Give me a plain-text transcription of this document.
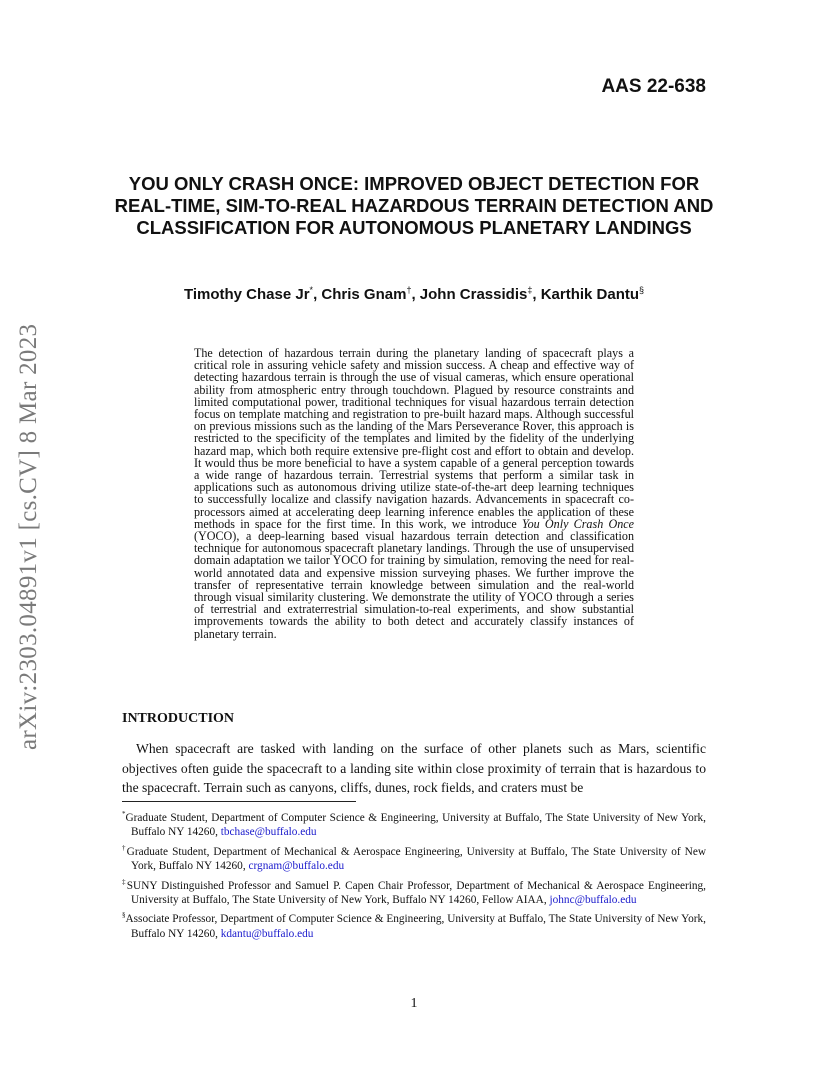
AAS 22-638
arXiv:2303.04891v1 [cs.CV] 8 Mar 2023
YOU ONLY CRASH ONCE: IMPROVED OBJECT DETECTION FOR REAL-TIME, SIM-TO-REAL HAZARDOUS TERRAIN DETECTION AND CLASSIFICATION FOR AUTONOMOUS PLANETARY LANDINGS
Timothy Chase Jr*, Chris Gnam†, John Crassidis‡, Karthik Dantu§

The detection of hazardous terrain during the planetary landing of spacecraft plays a critical role in assuring vehicle safety and mission success. A cheap and effective way of detecting hazardous terrain is through the use of visual cameras, which ensure operational ability from atmospheric entry through touchdown. Plagued by resource constraints and limited computational power, traditional techniques for visual hazardous terrain detection focus on template matching and registration to pre-built hazard maps. Although successful on previous missions such as the landing of the Mars Perseverance Rover, this approach is restricted to the specificity of the templates and limited by the fidelity of the underlying hazard map, which both require extensive pre-flight cost and effort to obtain and develop. It would thus be more beneficial to have a system capable of a general perception towards a wide range of hazardous terrain. Terrestrial systems that perform a similar task in applications such as autonomous driving utilize state-of-the-art deep learning techniques to successfully localize and classify navigation hazards. Advancements in spacecraft co-processors aimed at accelerating deep learning inference enables the application of these methods in space for the first time. In this work, we introduce You Only Crash Once (YOCO), a deep-learning based visual hazardous terrain detection and classification technique for autonomous spacecraft planetary landings. Through the use of unsupervised domain adaptation we tailor YOCO for training by simulation, removing the need for real-world annotated data and expensive mission surveying phases. We further improve the transfer of representative terrain knowledge between simulation and the real-world through visual similarity clustering. We demonstrate the utility of YOCO through a series of terrestrial and extraterrestrial simulation-to-real experiments, and show substantial improvements towards the ability to both detect and accurately classify instances of planetary terrain.

INTRODUCTION

When spacecraft are tasked with landing on the surface of other planets such as Mars, scientific objectives often guide the spacecraft to a landing site within close proximity of terrain that is hazardous to the spacecraft. Terrain such as canyons, cliffs, dunes, rock fields, and craters must be

*Graduate Student, Department of Computer Science & Engineering, University at Buffalo, The State University of New York, Buffalo NY 14260, tbchase@buffalo.edu

†Graduate Student, Department of Mechanical & Aerospace Engineering, University at Buffalo, The State University of New York, Buffalo NY 14260, crgnam@buffalo.edu

‡SUNY Distinguished Professor and Samuel P. Capen Chair Professor, Department of Mechanical & Aerospace Engineering, University at Buffalo, The State University of New York, Buffalo NY 14260, Fellow AIAA, johnc@buffalo.edu

§Associate Professor, Department of Computer Science & Engineering, University at Buffalo, The State University of New York, Buffalo NY 14260, kdantu@buffalo.edu

1
